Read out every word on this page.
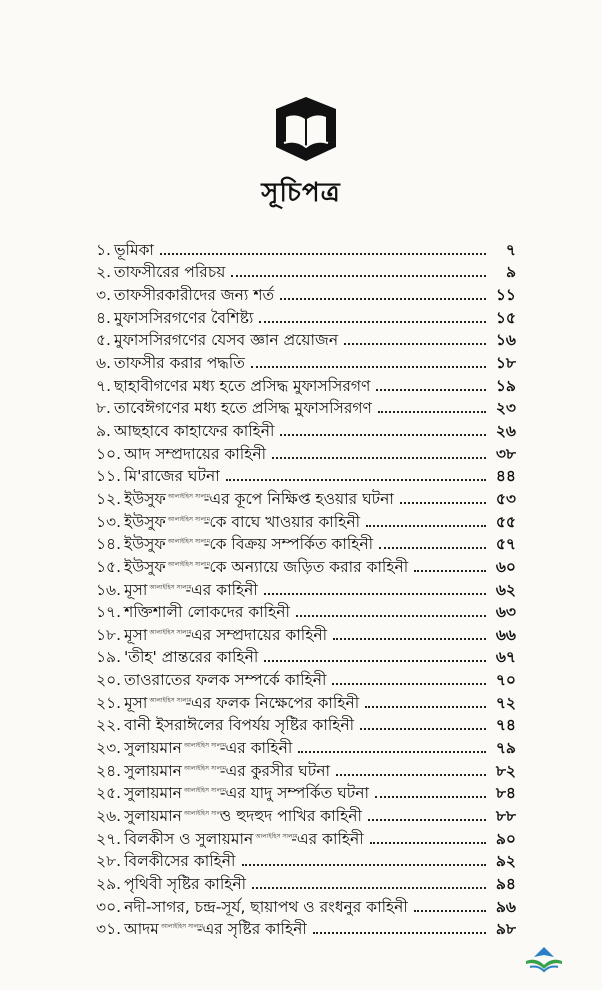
সূচিপত্র
১. ভূমিকা	৭
২. তাফসীরের পরিচয়	৯
৩. তাফসীরকারীদের জন্য শর্ত	১১
৪. মুফাসসিরগণের বৈশিষ্ট্য	১৫
৫. মুফাসসিরগণের যেসব জ্ঞান প্রয়োজন	১৬
৬. তাফসীর করার পদ্ধতি	১৮
৭. ছাহাবীগণের মধ্য হতে প্রসিদ্ধ মুফাসসিরগণ	১৯
৮. তাবেঈগণের মধ্য হতে প্রসিদ্ধ মুফাসসিরগণ	২৩
৯. আছহাবে কাহাফের কাহিনী	২৬
১০. আদ সম্প্রদায়ের কাহিনী	৩৮
১১. মি'রাজের ঘটনা	৪৪
১২. ইউসুফ আলাইহিস সালাম-এর কূপে নিক্ষিপ্ত হওয়ার ঘটনা	৫৩
১৩. ইউসুফ আলাইহিস সালাম-কে বাঘে খাওয়ার কাহিনী	৫৫
১৪. ইউসুফ আলাইহিস সালাম-কে বিক্রয় সম্পর্কিত কাহিনী	৫৭
১৫. ইউসুফ আলাইহিস সালাম-কে অন্যায়ে জড়িত করার কাহিনী	৬০
১৬. মূসা আলাইহিস সালাম-এর কাহিনী	৬২
১৭. শক্তিশালী লোকদের কাহিনী	৬৩
১৮. মূসা আলাইহিস সালাম-এর সম্প্রদায়ের কাহিনী	৬৬
১৯. 'তীহ' প্রান্তরের কাহিনী	৬৭
২০. তাওরাতের ফলক সম্পর্কে কাহিনী	৭০
২১. মূসা আলাইহিস সালাম-এর ফলক নিক্ষেপের কাহিনী	৭২
২২. বানী ইসরাঈলের বিপর্যয় সৃষ্টির কাহিনী	৭৪
২৩. সুলায়মান আলাইহিস সালাম-এর কাহিনী	৭৯
২৪. সুলায়মান আলাইহিস সালাম-এর কুরসীর ঘটনা	৮২
২৫. সুলায়মান আলাইহিস সালাম-এর যাদু সম্পর্কিত ঘটনা	৮৪
২৬. সুলায়মান আলাইহিস সালামও হুদহুদ পাখির কাহিনী	৮৮
২৭. বিলকীস ও সুলায়মান আলাইহিস সালাম-এর কাহিনী	৯০
২৮. বিলকীসের কাহিনী	৯২
২৯. পৃথিবী সৃষ্টির কাহিনী	৯৪
৩০. নদী-সাগর, চন্দ্র-সূর্য, ছায়াপথ ও রংধনুর কাহিনী	৯৬
৩১. আদম আলাইহিস সালাম-এর সৃষ্টির কাহিনী	৯৮
